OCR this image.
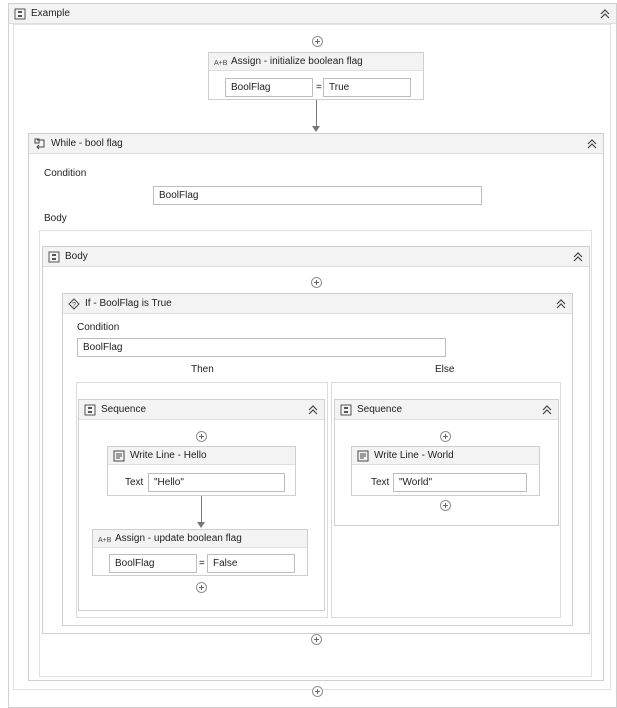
Example
A+B Assign - initialize boolean flag
BoolFlag	= True
While - bool flag
Condition
BoolFlag
Body
Body
? If - BoolFlag is True
Condition
BoolFlag
Then	Else
Sequence
Write Line - Hello
Text	"Hello"
A+B Assign - update boolean flag
BoolFlag	= False
Sequence
Write Line - World
Text "World"
